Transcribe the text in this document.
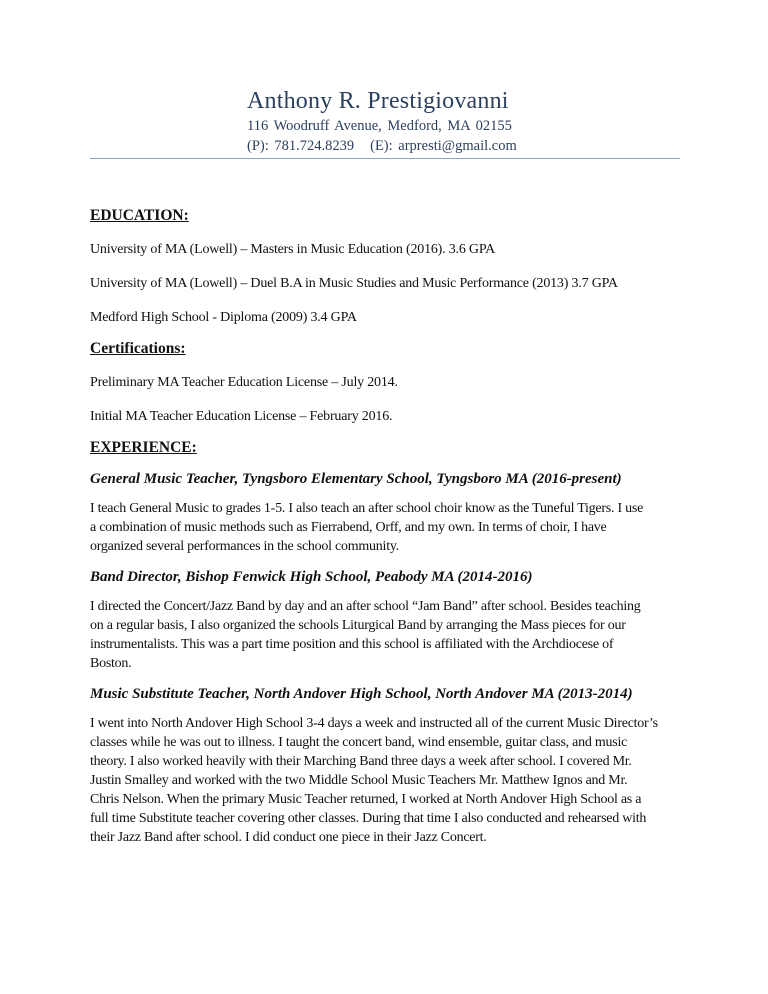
Anthony R. Prestigiovanni
116 Woodruff Avenue, Medford, MA 02155
(P): 781.724.8239 (E): arpresti@gmail.com
EDUCATION:
University of MA (Lowell) – Masters in Music Education (2016). 3.6 GPA
University of MA (Lowell) – Duel B.A in Music Studies and Music Performance (2013) 3.7 GPA
Medford High School - Diploma (2009) 3.4 GPA
Certifications:
Preliminary MA Teacher Education License – July 2014.
Initial MA Teacher Education License – February 2016.
EXPERIENCE:
General Music Teacher, Tyngsboro Elementary School, Tyngsboro MA (2016-present)
I teach General Music to grades 1-5. I also teach an after school choir know as the Tuneful Tigers. I use
a combination of music methods such as Fierrabend, Orff, and my own. In terms of choir, I have
organized several performances in the school community.
Band Director, Bishop Fenwick High School, Peabody MA (2014-2016)
I directed the Concert/Jazz Band by day and an after school “Jam Band” after school. Besides teaching
on a regular basis, I also organized the schools Liturgical Band by arranging the Mass pieces for our
instrumentalists. This was a part time position and this school is affiliated with the Archdiocese of
Boston.
Music Substitute Teacher, North Andover High School, North Andover MA (2013-2014)
I went into North Andover High School 3-4 days a week and instructed all of the current Music Director’s
classes while he was out to illness. I taught the concert band, wind ensemble, guitar class, and music
theory. I also worked heavily with their Marching Band three days a week after school. I covered Mr.
Justin Smalley and worked with the two Middle School Music Teachers Mr. Matthew Ignos and Mr.
Chris Nelson. When the primary Music Teacher returned, I worked at North Andover High School as a
full time Substitute teacher covering other classes. During that time I also conducted and rehearsed with
their Jazz Band after school. I did conduct one piece in their Jazz Concert.
